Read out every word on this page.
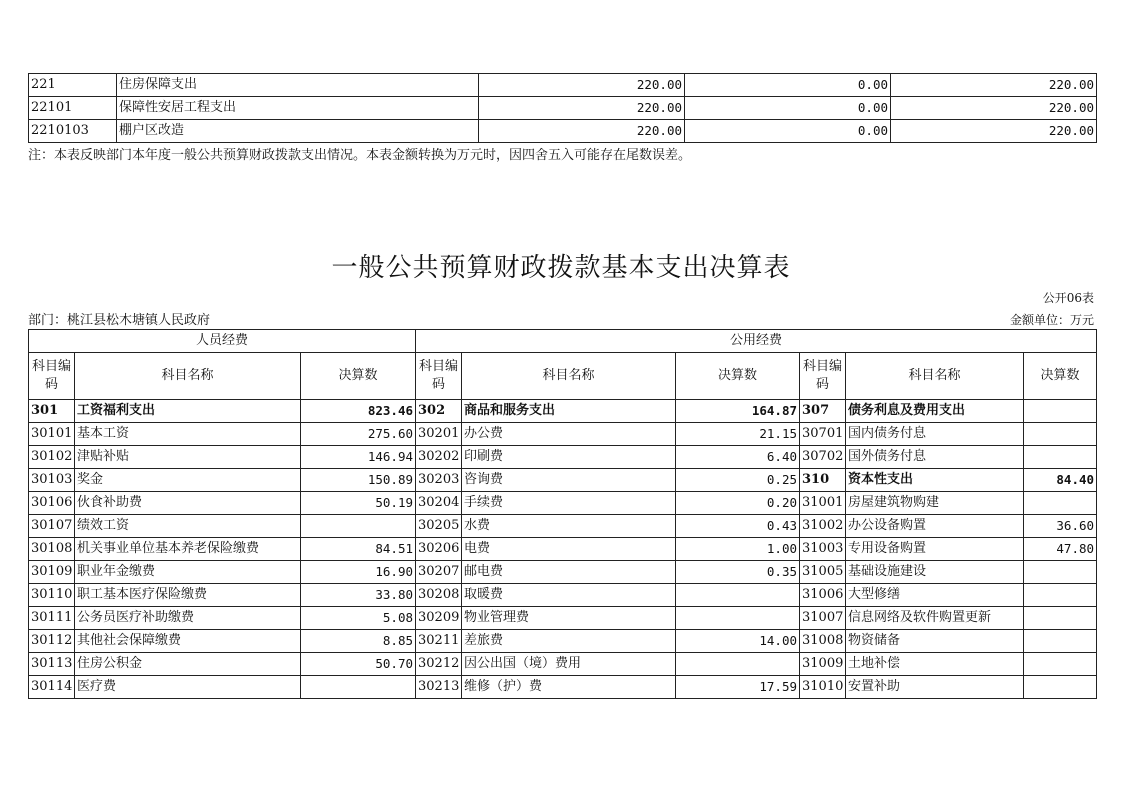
221	住房保障支出	220.00	0.00	220.00
22101	保障性安居工程支出	220.00	0.00	220.00
2210103	棚户区改造	220.00	0.00	220.00
注：本表反映部门本年度一般公共预算财政拨款支出情况。本表金额转换为万元时，因四舍五入可能存在尾数误差。
一般公共预算财政拨款基本支出决算表
公开06表
部门：桃江县松木塘镇人民政府	金额单位：万元
人员经费			公用经费					
科目编码	科目名称	决算数	科目编码	科目名称	决算数	科目编码	科目名称	决算数
301	工资福利支出	823.46	302	商品和服务支出	164.87	307	债务利息及费用支出	
30101	基本工资	275.60	30201	办公费	21.15	30701	国内债务付息	
30102	津贴补贴	146.94	30202	印刷费	6.40	30702	国外债务付息	
30103	奖金	150.89	30203	咨询费	0.25	310	资本性支出	84.40
30106	伙食补助费	50.19	30204	手续费	0.20	31001	房屋建筑物购建	
30107	绩效工资		30205	水费	0.43	31002	办公设备购置	36.60
30108	机关事业单位基本养老保险缴费	84.51	30206	电费	1.00	31003	专用设备购置	47.80
30109	职业年金缴费	16.90	30207	邮电费	0.35	31005	基础设施建设	
30110	职工基本医疗保险缴费	33.80	30208	取暖费		31006	大型修缮	
30111	公务员医疗补助缴费	5.08	30209	物业管理费		31007	信息网络及软件购置更新	
30112	其他社会保障缴费	8.85	30211	差旅费	14.00	31008	物资储备	
30113	住房公积金	50.70	30212	因公出国（境）费用		31009	土地补偿	
30114	医疗费		30213	维修（护）费	17.59	31010	安置补助	
